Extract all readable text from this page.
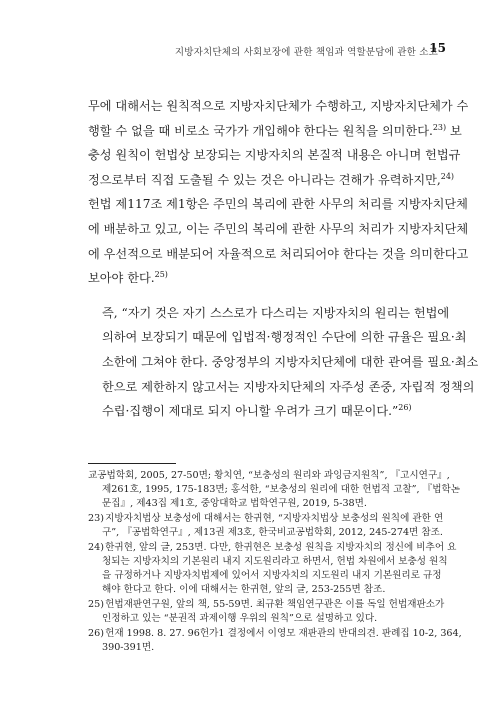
지방자치단체의 사회보장에 관한 책임과 역할분담에 관한 소고
15

무에 대해서는 원칙적으로 지방자치단체가 수행하고, 지방자치단체가 수
행할 수 없을 때 비로소 국가가 개입해야 한다는 원칙을 의미한다.$^{23)}$ 보
충성 원칙이 헌법상 보장되는 지방자치의 본질적 내용은 아니며 헌법규
정으로부터 직접 도출될 수 있는 것은 아니라는 견해가 유력하지만,$^{24)}$
헌법 제117조 제1항은 주민의 복리에 관한 사무의 처리를 지방자치단체
에 배분하고 있고, 이는 주민의 복리에 관한 사무의 처리가 지방자치단체
에 우선적으로 배분되어 자율적으로 처리되어야 한다는 것을 의미한다고
보아야 한다.$^{25)}$

즉, “자기 것은 자기 스스로가 다스리는 지방자치의 원리는 헌법에
의하여 보장되기 때문에 입법적·행정적인 수단에 의한 규율은 필요·최
소한에 그쳐야 한다. 중앙정부의 지방자치단체에 대한 관여를 필요·최소
한으로 제한하지 않고서는 지방자치단체의 자주성 존중, 자립적 정책의
수립·집행이 제대로 되지 아니할 우려가 크기 때문이다.”$^{26)}$

교공법학회, 2005, 27-50면; 황치연, “보충성의 원리와 과잉금지원칙”, 『고시연구』,
제261호, 1995, 175-183면; 홍석한, “보충성의 원리에 대한 헌법적 고찰”, 『법학논
문집』, 제43집 제1호, 중앙대학교 법학연구원, 2019, 5-38면.
23) 지방자치법상 보충성에 대해서는 한귀현, “지방자치법상 보충성의 원칙에 관한 연
구”, 『공법학연구』, 제13권 제3호, 한국비교공법학회, 2012, 245-274면 참조.
24) 한귀현, 앞의 글, 253면. 다만, 한귀현은 보충성 원칙을 지방자치의 정신에 비추어 요
청되는 지방자치의 기본원리 내지 지도원리라고 하면서, 헌법 차원에서 보충성 원칙
을 규정하거나 지방자치법제에 있어서 지방자치의 지도원리 내지 기본원리로 규정
해야 한다고 한다. 이에 대해서는 한귀현, 앞의 글, 253-255면 참조.
25) 헌법재판연구원, 앞의 책, 55-59면. 최규환 책임연구관은 이를 독일 헌법재판소가
인정하고 있는 “분권적 과제이행 우위의 원칙”으로 설명하고 있다.
26) 헌재 1998. 8. 27. 96헌가1 결정에서 이영모 재판관의 반대의견. 판례집 10-2, 364,
390-391면.
